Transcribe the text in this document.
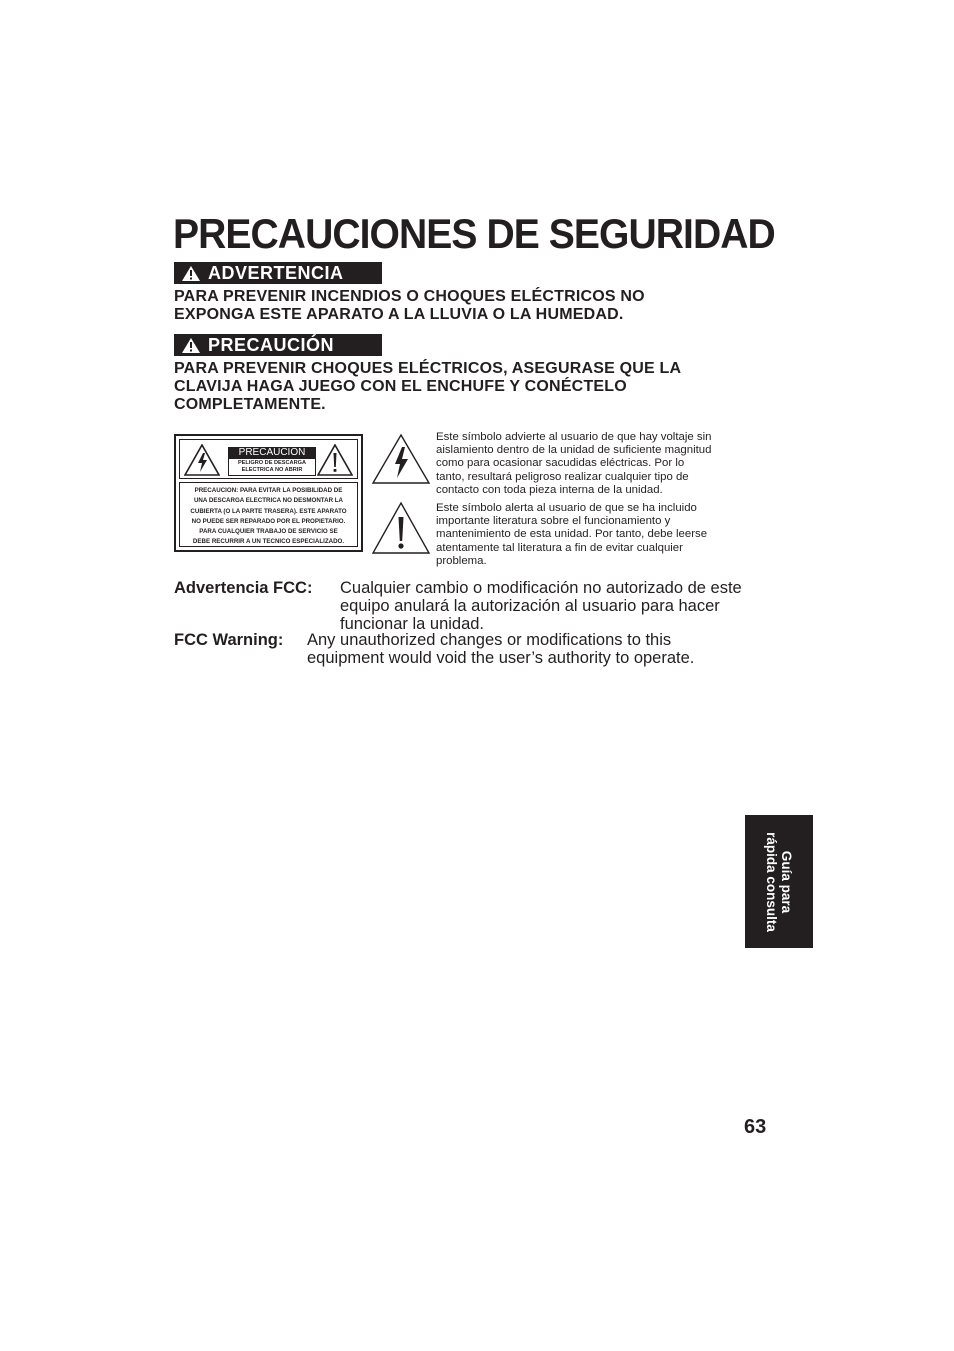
PRECAUCIONES DE SEGURIDAD
ADVERTENCIA
PARA PREVENIR INCENDIOS O CHOQUES ELÉCTRICOS NO
EXPONGA ESTE APARATO A LA LLUVIA O LA HUMEDAD.
PRECAUCIÓN
PARA PREVENIR CHOQUES ELÉCTRICOS, ASEGURASE QUE LA
CLAVIJA HAGA JUEGO CON EL ENCHUFE Y CONÉCTELO
COMPLETAMENTE.
PRECAUCION
PELIGRO DE DESCARGA
ELECTRICA NO ABRIR
PRECAUCION: PARA EVITAR LA POSIBILIDAD DE
UNA DESCARGA ELECTRICA NO DESMONTAR LA
CUBIERTA (O LA PARTE TRASERA). ESTE APARATO
NO PUEDE SER REPARADO POR EL PROPIETARIO.
PARA CUALQUIER TRABAJO DE SERVICIO SE
DEBE RECURRIR A UN TECNICO ESPECIALIZADO.
Este símbolo advierte al usuario de que hay voltaje sin
aislamiento dentro de la unidad de suficiente magnitud
como para ocasionar sacudidas eléctricas. Por lo
tanto, resultará peligroso realizar cualquier tipo de
contacto con toda pieza interna de la unidad.
Este símbolo alerta al usuario de que se ha incluido
importante literatura sobre el funcionamiento y
mantenimiento de esta unidad. Por tanto, debe leerse
atentamente tal literatura a fin de evitar cualquier
problema.
Advertencia FCC: Cualquier cambio o modificación no autorizado de este
equipo anulará la autorización al usuario para hacer
funcionar la unidad.
FCC Warning: Any unauthorized changes or modifications to this
equipment would void the user’s authority to operate.
Guía para
rápida consulta
63
